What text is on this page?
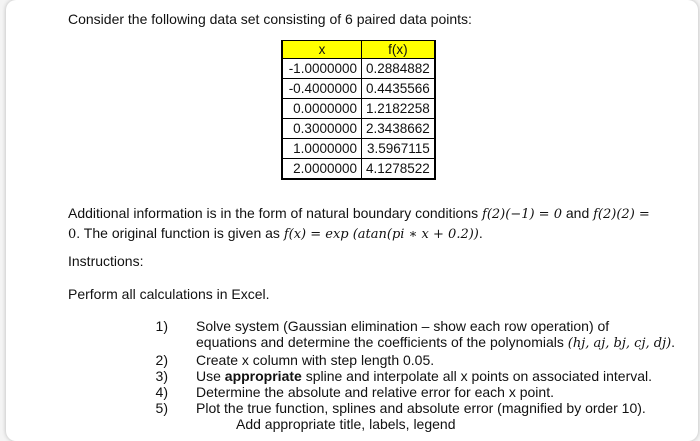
Consider the following data set consisting of 6 paired data points:
x	f(x)
-1.0000000	0.2884882
-0.4000000	0.4435566
0.0000000	1.2182258
0.3000000	2.3438662
1.0000000	3.5967115
2.0000000	4.1278522
Additional information is in the form of natural boundary conditions f(2)(−1) = 0 and f(2)(2) =
0. The original function is given as f(x) = exp (atan(pi ∗ x + 0.2)).
Instructions:
Perform all calculations in Excel.
1) Solve system (Gaussian elimination – show each row operation) of
equations and determine the coefficients of the polynomials (hj, aj, bj, cj, dj).
2) Create x column with step length 0.05.
3) Use appropriate spline and interpolate all x points on associated interval.
4) Determine the absolute and relative error for each x point.
5) Plot the true function, splines and absolute error (magnified by order 10).
Add appropriate title, labels, legend
